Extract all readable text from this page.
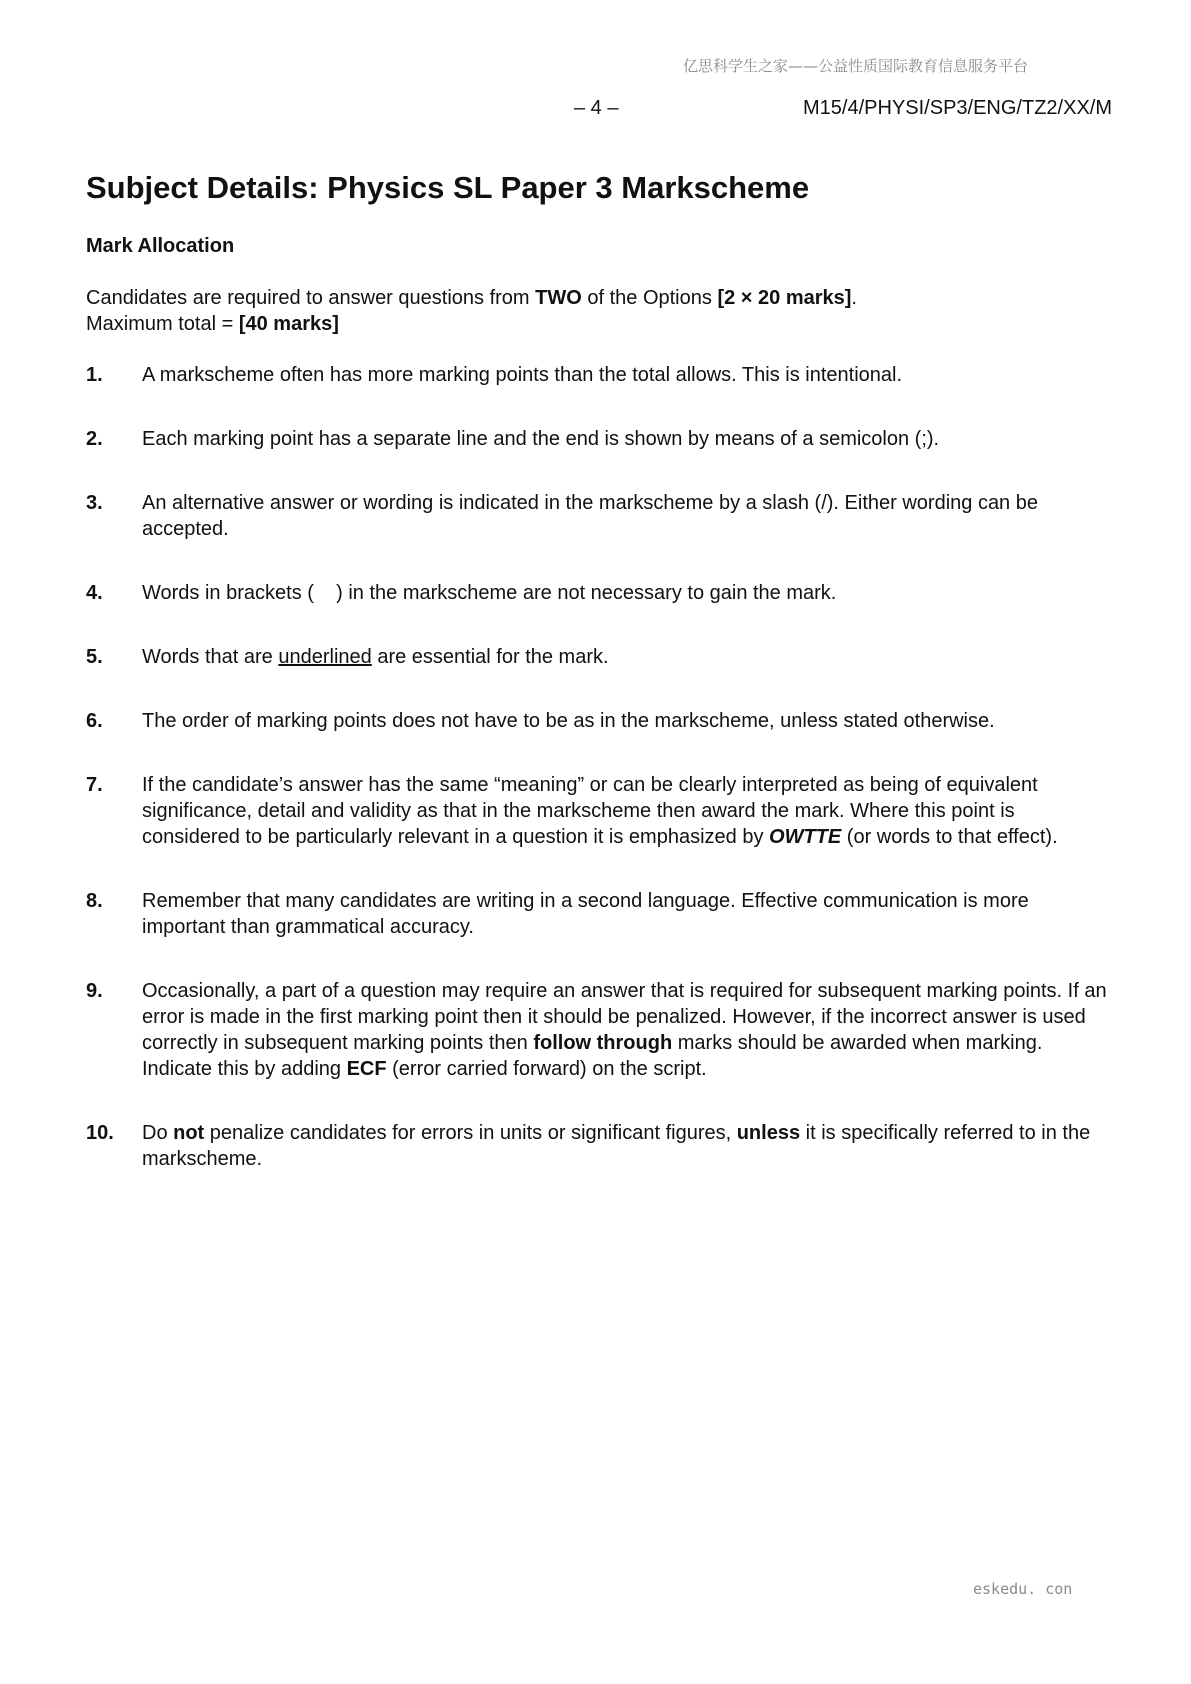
亿思科学生之家——公益性质国际教育信息服务平台
– 4 –	M15/4/PHYSI/SP3/ENG/TZ2/XX/M
Subject Details: Physics SL Paper 3 Markscheme
Mark Allocation

Candidates are required to answer questions from TWO of the Options [2 × 20 marks].
Maximum total = [40 marks]

1. A markscheme often has more marking points than the total allows. This is intentional.
2. Each marking point has a separate line and the end is shown by means of a semicolon (;).
3. An alternative answer or wording is indicated in the markscheme by a slash (/). Either wording can be accepted.
4. Words in brackets (    ) in the markscheme are not necessary to gain the mark.
5. Words that are underlined are essential for the mark.
6. The order of marking points does not have to be as in the markscheme, unless stated otherwise.
7. If the candidate’s answer has the same “meaning” or can be clearly interpreted as being of equivalent significance, detail and validity as that in the markscheme then award the mark. Where this point is considered to be particularly relevant in a question it is emphasized by OWTTE (or words to that effect).
8. Remember that many candidates are writing in a second language. Effective communication is more important than grammatical accuracy.
9. Occasionally, a part of a question may require an answer that is required for subsequent marking points. If an error is made in the first marking point then it should be penalized. However, if the incorrect answer is used correctly in subsequent marking points then follow through marks should be awarded when marking. Indicate this by adding ECF (error carried forward) on the script.
10. Do not penalize candidates for errors in units or significant figures, unless it is specifically referred to in the markscheme.
eskedu. con
